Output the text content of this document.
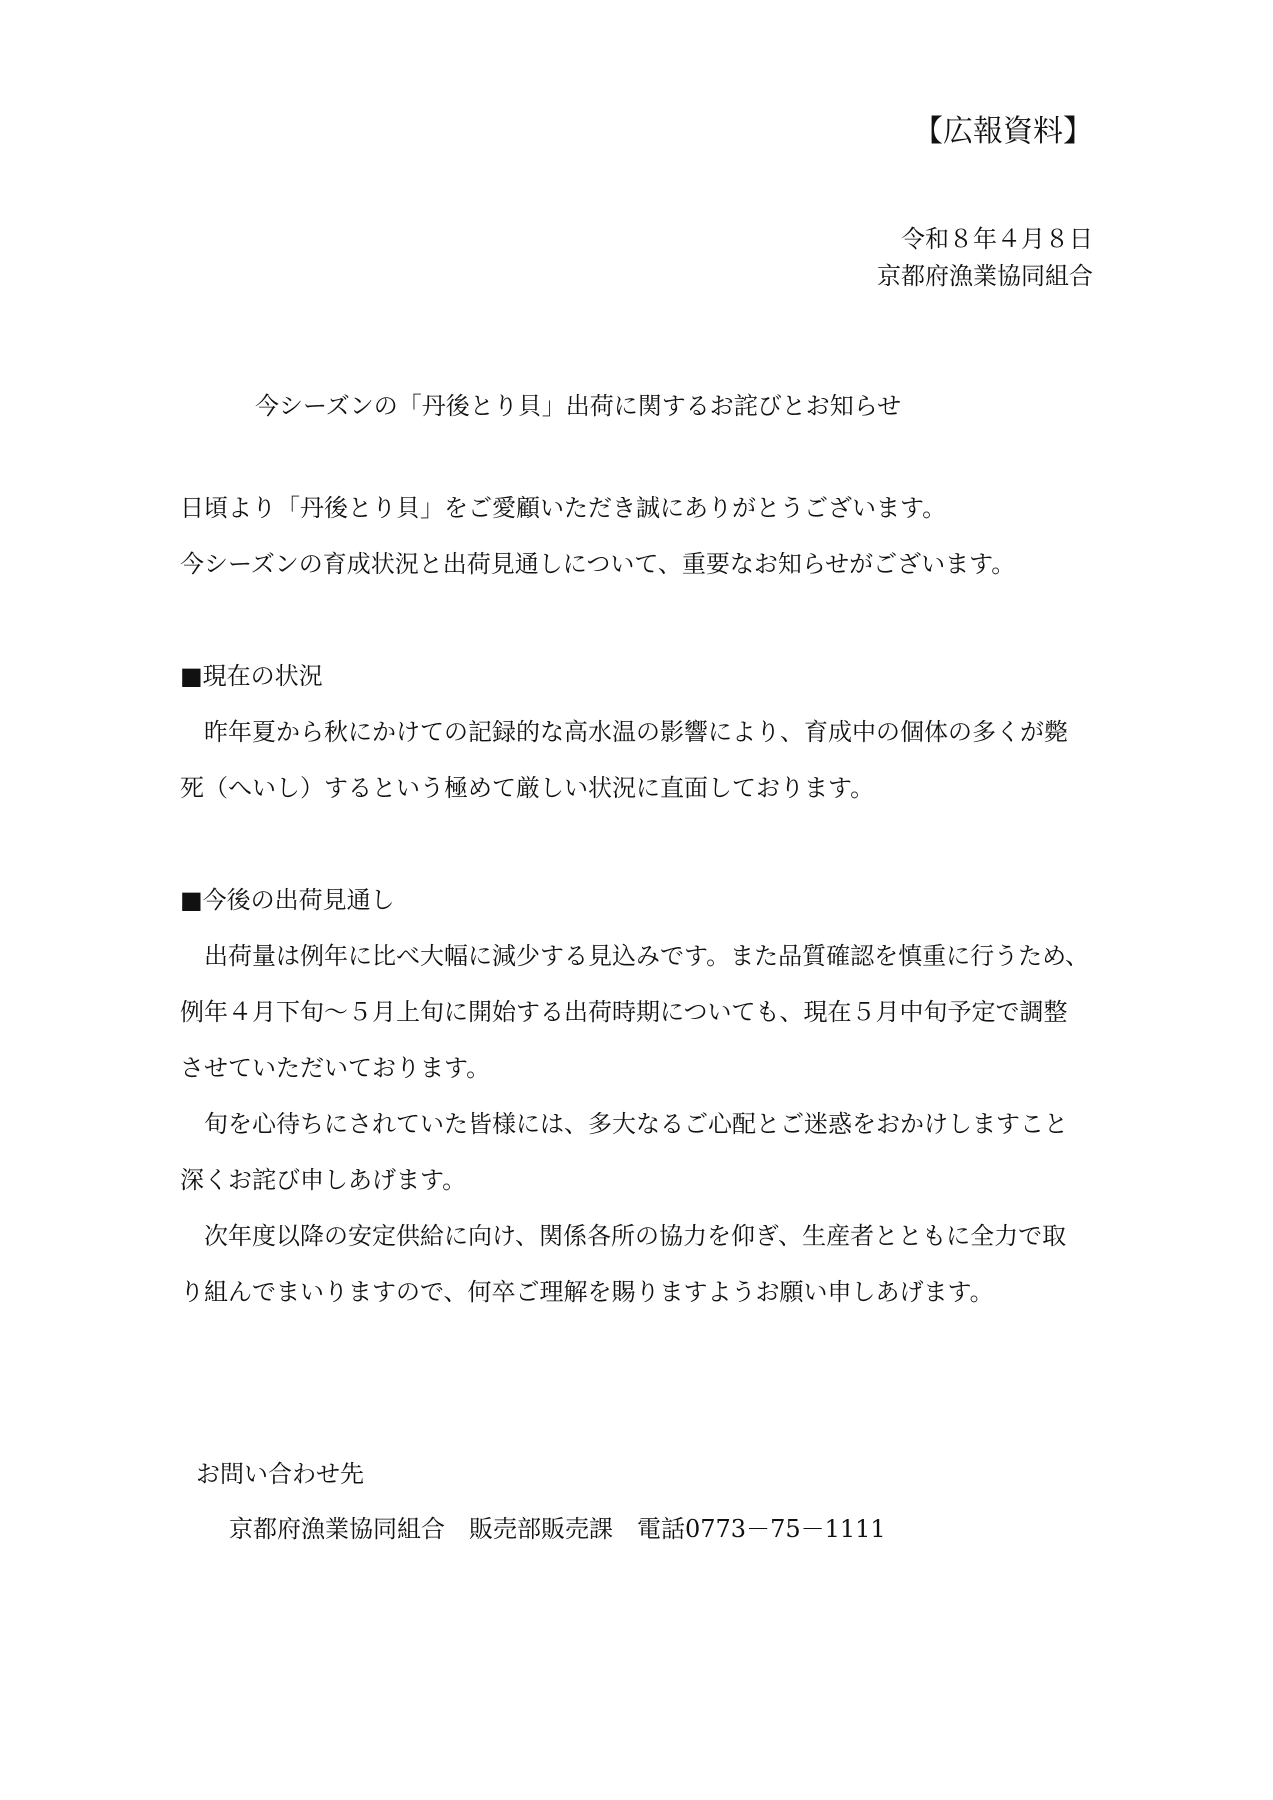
【広報資料】

令和８年４月８日

京都府漁業協同組合

今シーズンの「丹後とり貝」出荷に関するお詫びとお知らせ

日頃より「丹後とり貝」をご愛顧いただき誠にありがとうございます。

今シーズンの育成状況と出荷見通しについて、重要なお知らせがございます。

■現在の状況

　昨年夏から秋にかけての記録的な高水温の影響により、育成中の個体の多くが斃

死（へいし）するという極めて厳しい状況に直面しております。

■今後の出荷見通し

　出荷量は例年に比べ大幅に減少する見込みです。また品質確認を慎重に行うため、

例年４月下旬～５月上旬に開始する出荷時期についても、現在５月中旬予定で調整

させていただいております。

　旬を心待ちにされていた皆様には、多大なるご心配とご迷惑をおかけしますこと

深くお詫び申しあげます。

　次年度以降の安定供給に向け、関係各所の協力を仰ぎ、生産者とともに全力で取

り組んでまいりますので、何卒ご理解を賜りますようお願い申しあげます。

お問い合わせ先

京都府漁業協同組合　販売部販売課　電話0773－75－1111
